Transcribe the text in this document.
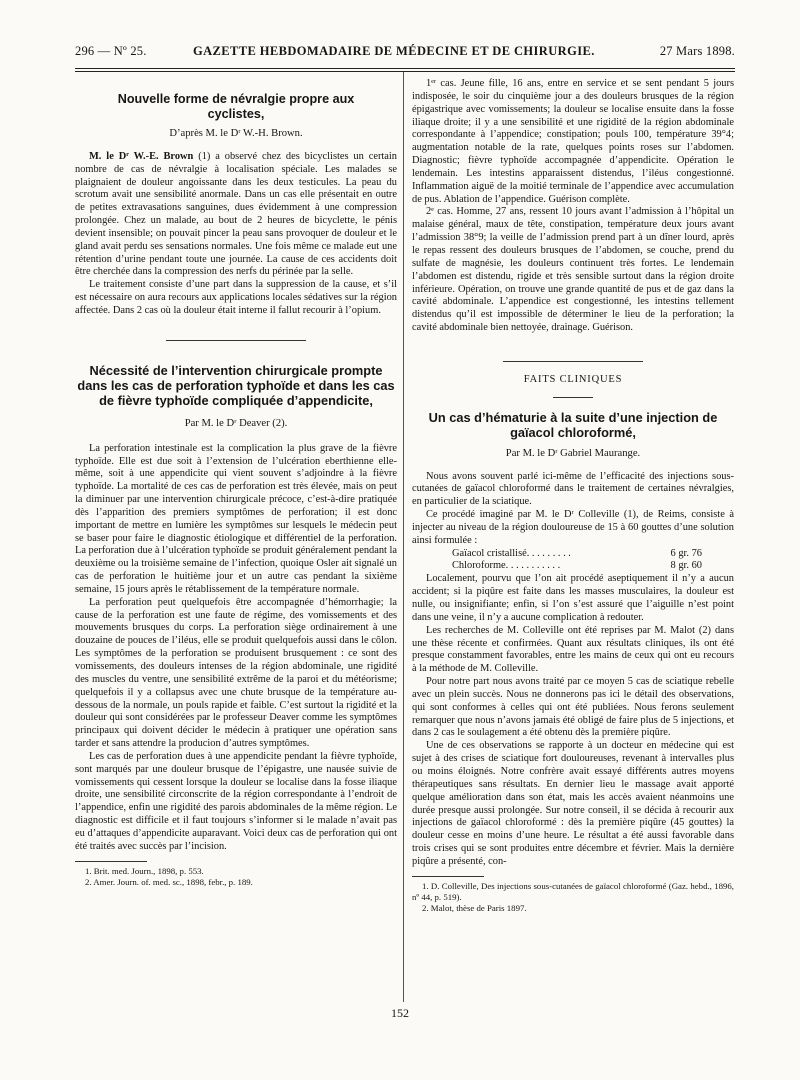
296 — Nº 25.	GAZETTE HEBDOMADAIRE DE MÉDECINE ET DE CHIRURGIE.	27 Mars 1898.
Nouvelle forme de névralgie propre aux cyclistes,
D’après M. le Dʳ W.-H. Brown.

M. le Dʳ W.-E. Brown (1) a observé chez des bicyclistes un certain nombre de cas de névralgie à localisation spéciale. Les malades se plaignaient de douleur angoissante dans les deux testicules. La peau du scrotum avait une sensibilité anormale. Dans un cas elle présentait en outre de petites extravasations sanguines, dues évidemment à une compression prolongée. Chez un malade, au bout de 2 heures de bicyclette, le pénis devient insensible; on pouvait pincer la peau sans provoquer de douleur et le gland avait perdu ses sensations normales. Une fois même ce malade eut une rétention d’urine pendant toute une journée. La cause de ces accidents doit être cherchée dans la compression des nerfs du périnée par la selle.

Le traitement consiste d’une part dans la suppression de la cause, et s’il est nécessaire on aura recours aux applications locales sédatives sur la région affectée. Dans 2 cas où la douleur était interne il fallut recourir à l’opium.

Nécessité de l’intervention chirurgicale prompte dans les cas de perforation typhoïde et dans les cas de fièvre typhoïde compliquée d’appendicite,
Par M. le Dʳ Deaver (2).

La perforation intestinale est la complication la plus grave de la fièvre typhoïde. Elle est due soit à l’extension de l’ulcération eberthienne elle-même, soit à une appendicite qui vient souvent s’adjoindre à la fièvre typhoïde. La mortalité de ces cas de perforation est très élevée, mais on peut la diminuer par une intervention chirurgicale précoce, c’est-à-dire pratiquée dès l’apparition des premiers symptômes de perforation; il est donc important de mettre en lumière les symptômes sur lesquels le médecin peut se baser pour faire le diagnostic étiologique et différentiel de la perforation. La perforation due à l’ulcération typhoïde se produit généralement pendant la deuxième ou la troisième semaine de l’infection, quoique Osler ait signalé un cas de perforation le huitième jour et un autre cas pendant la sixième semaine, 15 jours après le rétablissement de la température normale.

La perforation peut quelquefois être accompagnée d’hémorrhagie; la cause de la perforation est une faute de régime, des vomissements et des mouvements brusques du corps. La perforation siège ordinairement à une douzaine de pouces de l’iléus, elle se produit quelquefois aussi dans le côlon. Les symptômes de la perforation se produisent brusquement : ce sont des vomissements, des douleurs intenses de la région abdominale, une rigidité des muscles du ventre, une sensibilité extrême de la paroi et du météorisme; quelquefois il y a collapsus avec une chute brusque de la température au-dessous de la normale, un pouls rapide et faible. C’est surtout la rigidité et la douleur qui sont considérées par le professeur Deaver comme les symptômes principaux qui doivent décider le médecin à pratiquer une opération sans tarder et sans attendre la producion d’autres symptômes.

Les cas de perforation dues à une appendicite pendant la fièvre typhoïde, sont marqués par une douleur brusque de l’épigastre, une nausée suivie de vomissements qui cessent lorsque la douleur se localise dans la fosse iliaque droite, une sensibilité circonscrite de la région correspondante à l’endroit de l’appendice, enfin une rigidité des parois abdominales de la même région. Le diagnostic est difficile et il faut toujours s’informer si le malade n’avait pas eu d’attaques d’appendicite auparavant. Voici deux cas de perforation qui ont été traités avec succès par l’incision.

1. Brit. med. Journ., 1898, p. 553.

2. Amer. Journ. of. med. sc., 1898, febr., p. 189.

1ᵉʳ cas. Jeune fille, 16 ans, entre en service et se sent pendant 5 jours indisposée, le soir du cinquième jour a des douleurs brusques de la région épigastrique avec vomissements; la douleur se localise ensuite dans la fosse iliaque droite; il y a une sensibilité et une rigidité de la région abdominale correspondante à l’appendice; constipation; pouls 100, température 39°4; augmentation notable de la rate, quelques points roses sur l’abdomen. Diagnostic; fièvre typhoïde accompagnée d’appendicite. Opération le lendemain. Les intestins apparaissent distendus, l’iléus congestionné. Inflammation aiguë de la moitié terminale de l’appendice avec accumulation de pus. Ablation de l’appendice. Guérison complète.

2ᵉ cas. Homme, 27 ans, ressent 10 jours avant l’admission à l’hôpital un malaise général, maux de tête, constipation, température deux jours avant l’admission 38°9; la veille de l’admission prend part à un dîner lourd, après le repas ressent des douleurs brusques de l’abdomen, se couche, prend du sulfate de magnésie, les douleurs continuent très fortes. Le lendemain l’abdomen est distendu, rigide et très sensible surtout dans la région droite inférieure. Opération, on trouve une grande quantité de pus et de gaz dans la cavité abdominale. L’appendice est congestionné, les intestins tellement distendus qu’il est impossible de déterminer le lieu de la perforation; la cavité abdominale bien nettoyée, drainage. Guérison.

FAITS CLINIQUES

Un cas d’hématurie à la suite d’une injection de gaïacol chloroformé,
Par M. le Dʳ Gabriel Maurange.

Nous avons souvent parlé ici-même de l’efficacité des injections sous-cutanées de gaïacol chloroformé dans le traitement de certaines névralgies, en particulier de la sciatique.

Ce procédé imaginé par M. le Dʳ Colleville (1), de Reims, consiste à injecter au niveau de la région douloureuse de 15 à 60 gouttes d’une solution ainsi formulée :

Gaïacol cristallisé. . . . . . . . .	6 gr. 76
Chloroforme. . . . . . . . . . .	8 gr. 60

Localement, pourvu que l’on ait procédé aseptiquement il n’y a aucun accident; si la piqûre est faite dans les masses musculaires, la douleur est nulle, ou insignifiante; enfin, si l’on s’est assuré que l’aiguille n’est point dans une veine, il n’y a aucune complication à redouter.

Les recherches de M. Colleville ont été reprises par M. Malot (2) dans une thèse récente et confirmées. Quant aux résultats cliniques, ils ont été presque constamment favorables, entre les mains de ceux qui ont eu recours à la méthode de M. Colleville.

Pour notre part nous avons traité par ce moyen 5 cas de sciatique rebelle avec un plein succès. Nous ne donnerons pas ici le détail des observations, qui sont conformes à celles qui ont été publiées. Nous ferons seulement remarquer que nous n’avons jamais été obligé de faire plus de 5 injections, et dans 2 cas le soulagement a été obtenu dès la première piqûre.

Une de ces observations se rapporte à un docteur en médecine qui est sujet à des crises de sciatique fort douloureuses, revenant à intervalles plus ou moins éloignés. Notre confrère avait essayé différents autres moyens thérapeutiques sans résultats. En dernier lieu le massage avait apporté quelque amélioration dans son état, mais les accès avaient néanmoins une durée presque aussi prolongée. Sur notre conseil, il se décida à recourir aux injections de gaïacol chloroformé : dès la première piqûre (45 gouttes) la douleur cesse en moins d’une heure. Le résultat a été aussi favorable dans trois crises qui se sont produites entre décembre et février. Mais la dernière piqûre a présenté, con-

1. D. Colleville, Des injections sous-cutanées de gaïacol chloroformé (Gaz. hebd., 1896, nº 44, p. 519).

2. Malot, thèse de Paris 1897.

152
